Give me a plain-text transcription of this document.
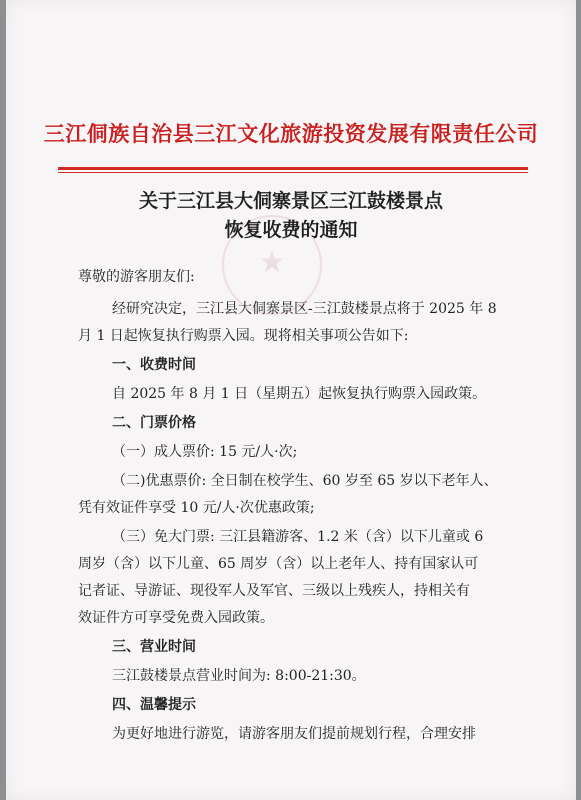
★
三江侗族自治县三江文化旅游投资发展有限责任公司
关于三江县大侗寨景区三江鼓楼景点
恢复收费的通知
尊敬的游客朋友们:
经研究决定，三江县大侗寨景区-三江鼓楼景点将于 2025 年 8
月 1 日起恢复执行购票入园。现将相关事项公告如下:
一、收费时间
自 2025 年 8 月 1 日（星期五）起恢复执行购票入园政策。
二、门票价格
（一）成人票价: 15 元/人·次;
（二)优惠票价: 全日制在校学生、60 岁至 65 岁以下老年人、
凭有效证件享受 10 元/人·次优惠政策;
（三）免大门票: 三江县籍游客、1.2 米（含）以下儿童或 6
周岁（含）以下儿童、65 周岁（含）以上老年人、持有国家认可
记者证、导游证、现役军人及军官、三级以上残疾人，持相关有
效证件方可享受免费入园政策。
三、营业时间
三江鼓楼景点营业时间为: 8:00-21:30。
四、温馨提示
为更好地进行游览，请游客朋友们提前规划行程，合理安排
